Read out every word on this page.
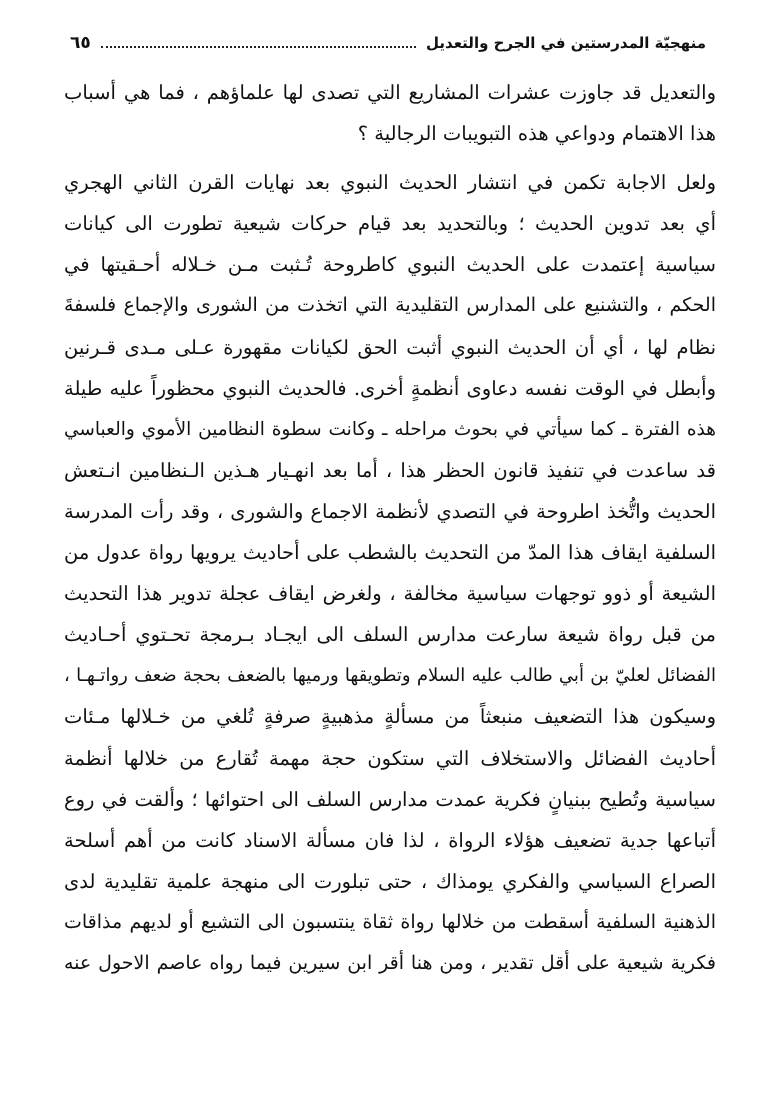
منهجيّة المدرستين في الجرح والتعديل
٦٥
والتعديل قد جاوزت عشرات المشاريع التي تصدى لها علماؤهم ، فما هي أسباب
هذا الاهتمام ودواعي هذه التبويبات الرجالية ؟
ولعل الاجابة تكمن في انتشار الحديث النبوي بعد نهايات القرن الثاني الهجري
أي بعد تدوين الحديث ؛ وبالتحديد بعد قيام حركات شيعية تطورت الى كيانات
سياسية إعتمدت على الحديث النبوي كاطروحة تُـثبت مـن خـلاله أحـقيتها في
الحكم ، والتشنيع على المدارس التقليدية التي اتخذت من الشورى والإجماع فلسفةَ
نظام لها ، أي أن الحديث النبوي أثبت الحق لكيانات مقهورة عـلى مـدى قـرنين
وأبطل في الوقت نفسه دعاوى أنظمةٍ أخرى. فالحديث النبوي محظوراً عليه طيلة
هذه الفترة ـ كما سيأتي في بحوث مراحله ـ وكانت سطوة النظامين الأموي والعباسي
قد ساعدت في تنفيذ قانون الحظر هذا ، أما بعد انهـيار هـذين الـنظامين انـتعش
الحديث واتُّخذ اطروحة في التصدي لأنظمة الاجماع والشورى ، وقد رأت المدرسة
السلفية ايقاف هذا المدّ من التحديث بالشطب على أحاديث يرويها رواة عدول من
الشيعة أو ذوو توجهات سياسية مخالفة ، ولغرض ايقاف عجلة تدوير هذا التحديث
من قبل رواة شيعة سارعت مدارس السلف الى ايجـاد بـرمجة تحـتوي أحـاديث
الفضائل لعليّ بن أبي طالب عليه السلام وتطويقها ورميها بالضعف بحجة ضعف رواتـهـا ،
وسيكون هذا التضعيف منبعثاً من مسألةٍ مذهبيةٍ صرفةٍ تُلغي من خـلالها مـئات
أحاديث الفضائل والاستخلاف التي ستكون حجة مهمة تُقارع من خلالها أنظمة
سياسية وتُطيح ببنيانٍ فكرية عمدت مدارس السلف الى احتوائها ؛ وألقت في روع
أتباعها جدية تضعيف هؤلاء الرواة ، لذا فان مسألة الاسناد كانت من أهم أسلحة
الصراع السياسي والفكري يومذاك ، حتى تبلورت الى منهجة علمية تقليدية لدى
الذهنية السلفية أسقطت من خلالها رواة ثقاة ينتسبون الى التشيع أو لديهم مذاقات
فكرية شيعية على أقل تقدير ، ومن هنا أقر ابن سيرين فيما رواه عاصم الاحول عنه
